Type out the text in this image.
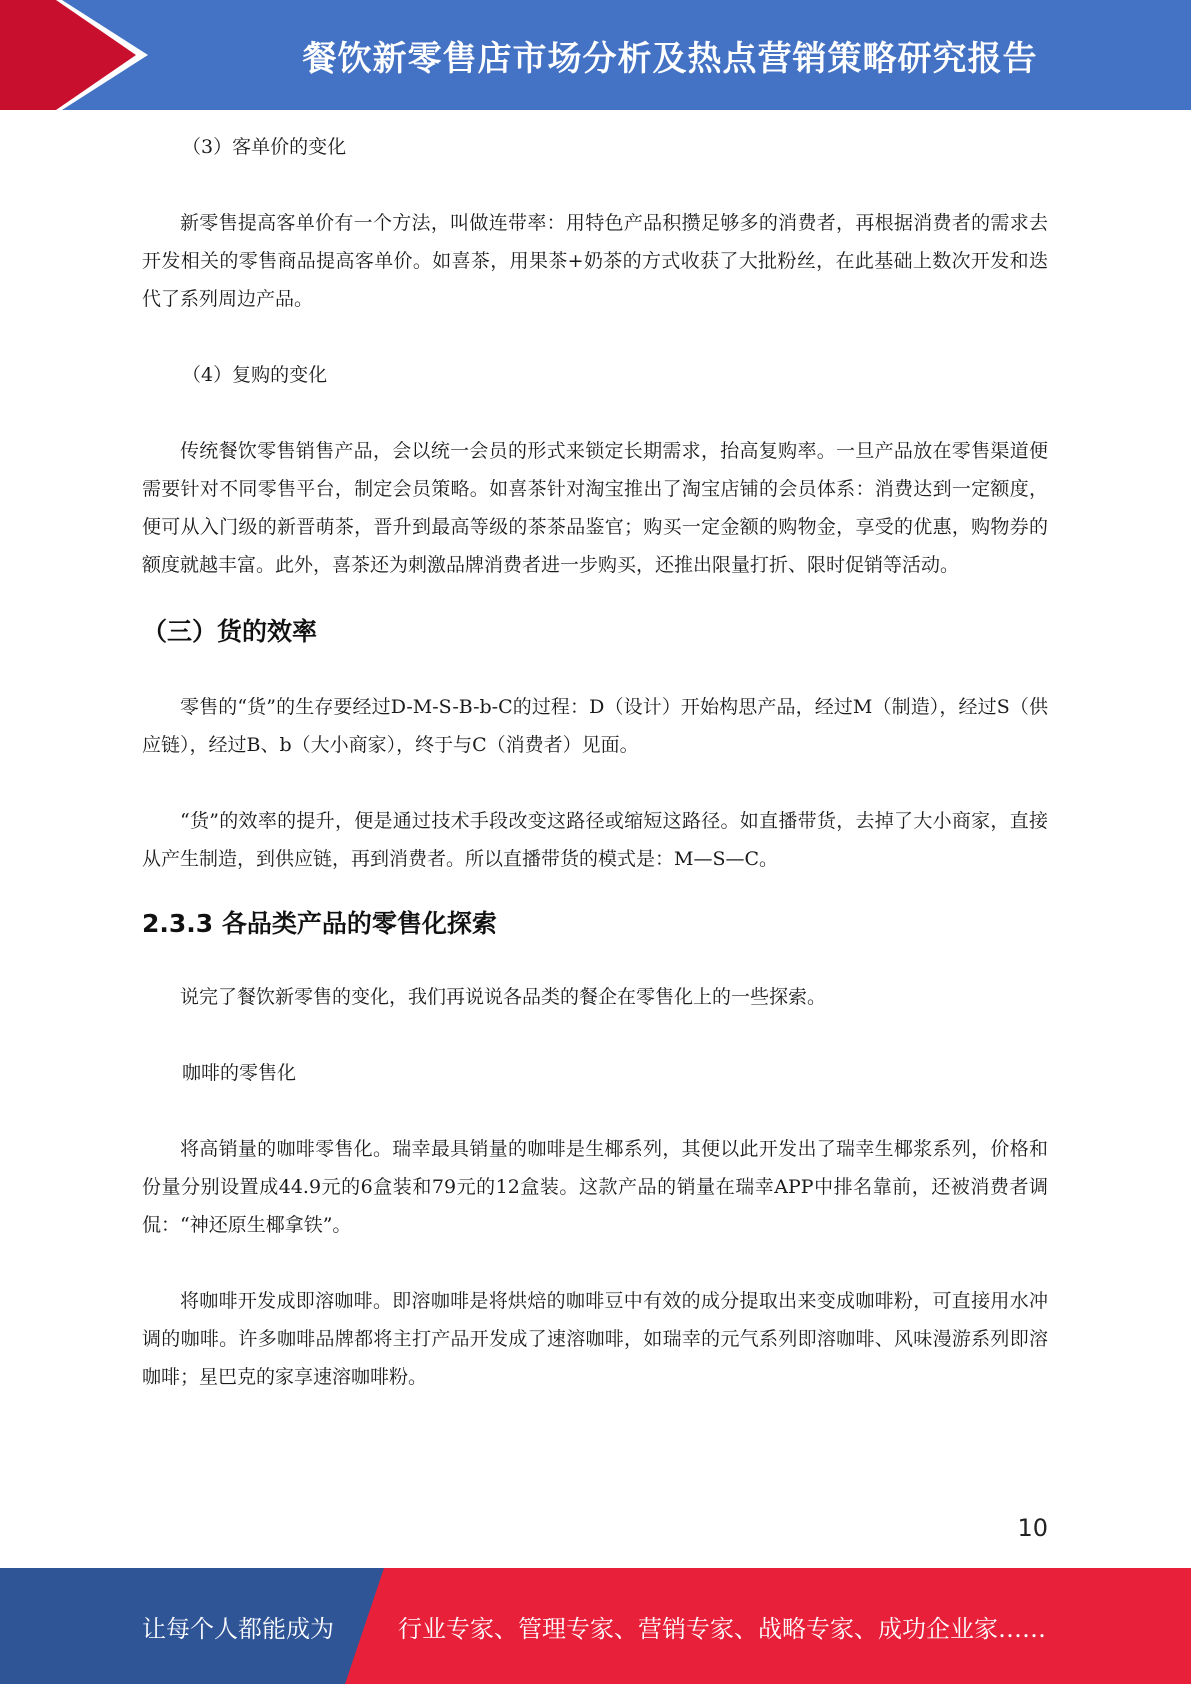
餐饮新零售店市场分析及热点营销策略研究报告

（3）客单价的变化

新零售提高客单价有一个方法，叫做连带率：用特色产品积攒足够多的消费者，再根据消费者的需求去开发相关的零售商品提高客单价。如喜茶，用果茶+奶茶的方式收获了大批粉丝，在此基础上数次开发和迭代了系列周边产品。

（4）复购的变化

传统餐饮零售销售产品，会以统一会员的形式来锁定长期需求，抬高复购率。一旦产品放在零售渠道便需要针对不同零售平台，制定会员策略。如喜茶针对淘宝推出了淘宝店铺的会员体系：消费达到一定额度，便可从入门级的新晋萌茶，晋升到最高等级的茶茶品鉴官；购买一定金额的购物金，享受的优惠，购物券的额度就越丰富。此外，喜茶还为刺激品牌消费者进一步购买，还推出限量打折、限时促销等活动。

（三）货的效率

零售的“货”的生存要经过D-M-S-B-b-C的过程：D（设计）开始构思产品，经过M（制造），经过S（供应链），经过B、b（大小商家），终于与C（消费者）见面。

“货”的效率的提升，便是通过技术手段改变这路径或缩短这路径。如直播带货，去掉了大小商家，直接从产生制造，到供应链，再到消费者。所以直播带货的模式是：M—S—C。

2.3.3 各品类产品的零售化探索

说完了餐饮新零售的变化，我们再说说各品类的餐企在零售化上的一些探索。

咖啡的零售化

将高销量的咖啡零售化。瑞幸最具销量的咖啡是生椰系列，其便以此开发出了瑞幸生椰浆系列，价格和份量分别设置成44.9元的6盒装和79元的12盒装。这款产品的销量在瑞幸APP中排名靠前，还被消费者调侃：“神还原生椰拿铁”。

将咖啡开发成即溶咖啡。即溶咖啡是将烘焙的咖啡豆中有效的成分提取出来变成咖啡粉，可直接用水冲调的咖啡。许多咖啡品牌都将主打产品开发成了速溶咖啡，如瑞幸的元气系列即溶咖啡、风味漫游系列即溶咖啡；星巴克的家享速溶咖啡粉。

10
让每个人都能成为	行业专家、管理专家、营销专家、战略专家、成功企业家……
